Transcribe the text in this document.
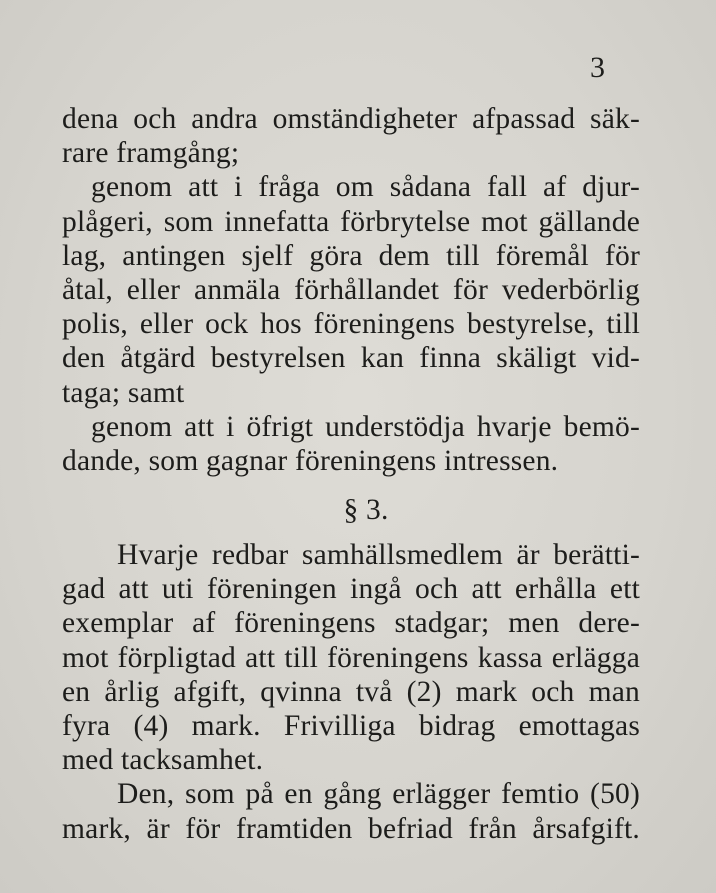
3
dena och andra omständigheter afpassad säk-
rare framgång;
genom att i fråga om sådana fall af djur-
plågeri, som innefatta förbrytelse mot gällande
lag, antingen sjelf göra dem till föremål för
åtal, eller anmäla förhållandet för vederbörlig
polis, eller ock hos föreningens bestyrelse, till
den åtgärd bestyrelsen kan finna skäligt vid-
taga; samt
genom att i öfrigt understödja hvarje bemö-
dande, som gagnar föreningens intressen.
§ 3.
Hvarje redbar samhällsmedlem är berätti-
gad att uti föreningen ingå och att erhålla ett
exemplar af föreningens stadgar; men dere-
mot förpligtad att till föreningens kassa erlägga
en årlig afgift, qvinna två (2) mark och man
fyra (4) mark. Frivilliga bidrag emottagas
med tacksamhet.
Den, som på en gång erlägger femtio (50)
mark, är för framtiden befriad från årsafgift.
